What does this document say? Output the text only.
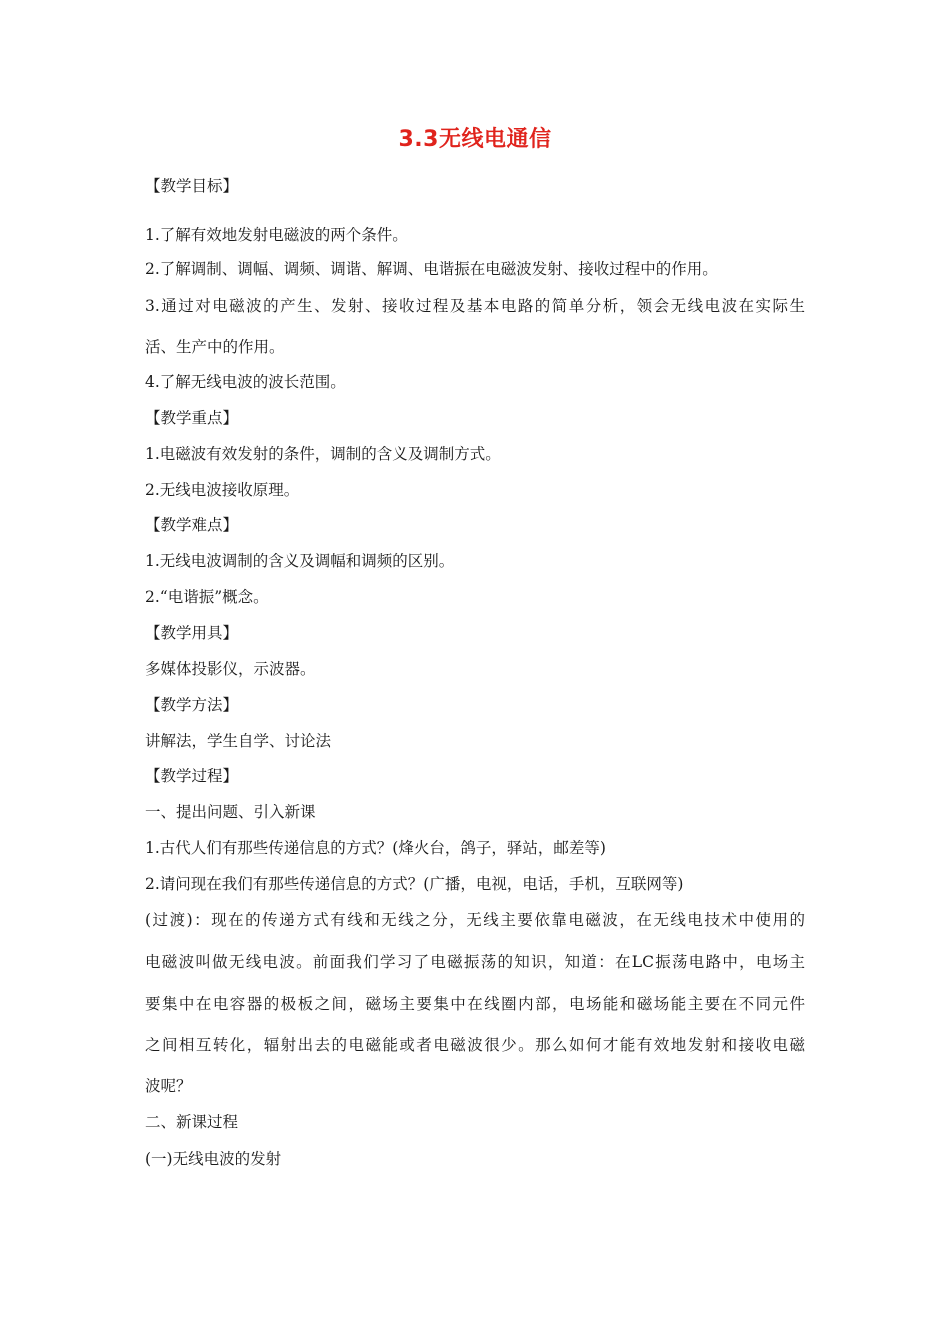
3.3无线电通信
【教学目标】
1.了解有效地发射电磁波的两个条件。
2.了解调制、调幅、调频、调谐、解调、电谐振在电磁波发射、接收过程中的作用。
3.通过对电磁波的产生、发射、接收过程及基本电路的简单分析，领会无线电波在实际生
活、生产中的作用。
4.了解无线电波的波长范围。
【教学重点】
1.电磁波有效发射的条件，调制的含义及调制方式。
2.无线电波接收原理。
【教学难点】
1.无线电波调制的含义及调幅和调频的区别。
2.“电谐振”概念。
【教学用具】
多媒体投影仪，示波器。
【教学方法】
讲解法，学生自学、讨论法
【教学过程】
一、提出问题、引入新课
1.古代人们有那些传递信息的方式？(烽火台，鸽子，驿站，邮差等)
2.请问现在我们有那些传递信息的方式？(广播，电视，电话，手机，互联网等)
(过渡)：现在的传递方式有线和无线之分，无线主要依靠电磁波，在无线电技术中使用的
电磁波叫做无线电波。前面我们学习了电磁振荡的知识，知道：在LC振荡电路中，电场主
要集中在电容器的极板之间，磁场主要集中在线圈内部，电场能和磁场能主要在不同元件
之间相互转化，辐射出去的电磁能或者电磁波很少。那么如何才能有效地发射和接收电磁
波呢？
二、新课过程
(一)无线电波的发射
